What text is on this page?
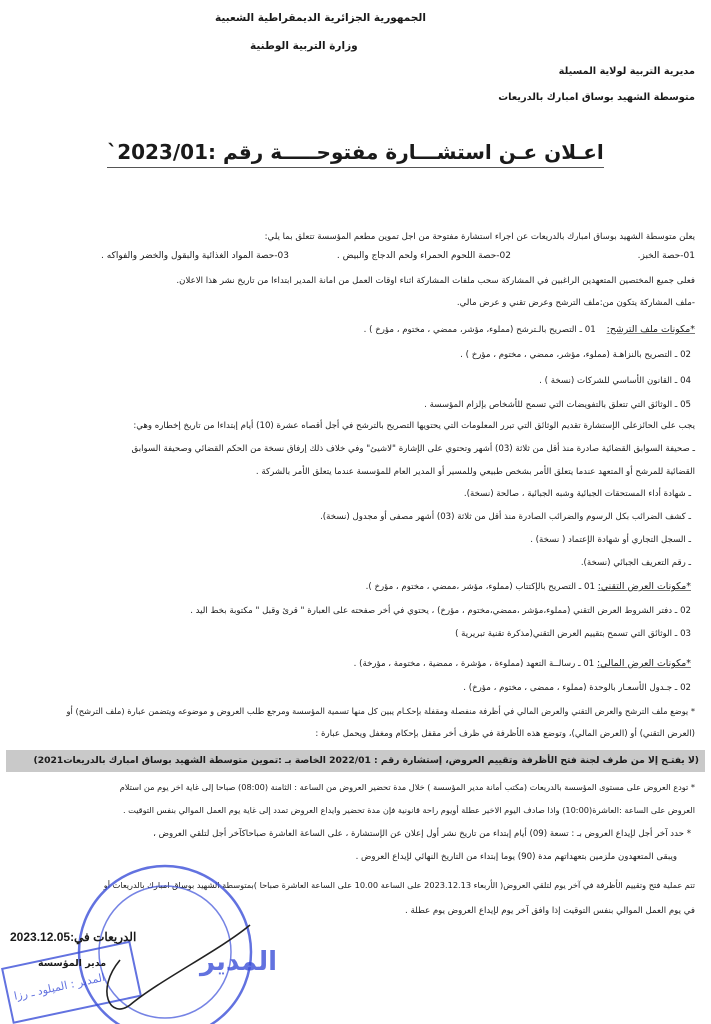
الجمهورية الجزائرية الديمقراطية الشعبية
وزارة التربية الوطنية
مديرية التربية لولاية المسيلة
متوسطة الشهيد بوساق امبارك بالدريعات
اعـلان عـن استشـــارة مفتوحـــــة رقم :2023/01`
يعلن متوسطة الشهيد بوساق امبارك بالدريعات عن اجراء استشارة مفتوحة من اجل تموين مطعم المؤسسة تتعلق بما يلي:
01-حصة الخبز.
02-حصة اللحوم الحمراء ولحم الدجاج والبيض .
03-حصة المواد الغذائية والبقول والخضر والفواكه .
فعلى جميع المختصين المتعهدين الراغبين في المشاركة سحب ملفات المشاركة اثناء اوقات العمل من امانة المدير ابتداءا من تاريخ نشر هذا الاعلان.
-ملف المشاركة يتكون من:ملف الترشح وعرض تقني و عرض مالي.
*مكونات ملف الترشح:    01 ـ التصريح بالـترشح (مملوء، مؤشر، ممضي ، مختوم ، مؤرخ ) .
02 ـ التصريح بالنزاهـة (مملوء، مؤشر، ممضي ، مختوم ، مؤرخ ) .
04 ـ القانون الأساسي للشركات (نسخة ) .
05 ـ الوثائق التي تتعلق بالتفويضات التي تسمح للأشخاص بإلزام المؤسسة .
يجب على الحائزعلى الإستشارة تقديم الوثائق التي تبرر المعلومات التي يحتويها التصريح بالترشح في أجل أقصاه عشرة (10) أيام إبتداءا من تاريخ إخطاره وهي:
ـ صحيفة السوابق القضائية صادرة منذ أقل من ثلاثة (03) أشهر وتحتوي على الإشارة "لاشيئ" وفي خلاف ذلك إرفاق نسخة من الحكم القضائي وصحيفة السوابق
القضائية للمرشح أو المتعهد عندما يتعلق الأمر بشخص طبيعي وللمسير أو المدير العام للمؤسسة عندما يتعلق الأمر بالشركة .
ـ شهادة أداء المستحقات الجبائية وشبه الجبائية ، صالحة (نسخة).
ـ كشف الضرائب بكل الرسوم والضرائب الصادرة منذ أقل من ثلاثة (03) أشهر مصفى أو مجدول (نسخة).
ـ السجل التجاري أو شهادة الإعتماد ( نسخة) .
ـ رقم التعريف الجبائي (نسخة).
*مكونات العرض التقني: 01 ـ التصريح بالإكتتاب (مملوء، مؤشر ،ممضي ، مختوم ، مؤرخ ).
02 ـ دفتر الشروط العرض التقني (مملوء،مؤشر ،ممضي،مختوم ، مؤرخ) ، يحتوي في أخر صفحته على العبارة " قرئ وقبل " مكتوبة بخط اليد .
03 ـ الوثائق التي تسمح بتقييم العرض التقني(مذكرة تقنية تبريرية )
*مكونات العرض المالي: 01 ـ رسالــة التعهد (مملوءة ، مؤشرة ، ممضية ، مختومة ، مؤرخة) .
02 ـ جـدول الأسعـار بالوحدة (مملوء ، ممضى ، مختوم ، مؤرخ) .
* يوضع ملف الترشح والعرض التقني والعرض المالي في أظرفة منفصلة ومقفلة بإحكـام يبين كل منها تسمية المؤسسة ومرجع طلب العروض و موضوعه ويتضمن عبارة (ملف الترشح) أو
(العرض التقني) أو (العرض المالي)، وتوضع هذه الأظرفة في ظرف أخر مقفل بإحكام ومغفل ويحمل عبارة :
(لا يفتـح إلا من طرف لجنة فتح الأظرفة وتقييم العروض، إستشارة رقم : 2022/01 الخاصة بـ :تموين متوسطة الشهيد بوساق امبارك بالدريعات2021)
* تودع العروض على مستوى المؤسسة بالدريعات (مكتب أمانة مدير المؤسسة ) خلال مدة تحضير العروض من الساعة : الثامنة (08:00) صباحا إلى غاية اخر يوم من استلام
العروض على الساعة :العاشرة(10:00) واذا صادف اليوم الاخير عطلة أويوم راحة قانونية فإن مدة تحضير وايداع العروض تمدد إلى غاية يوم العمل الموالي بنفس التوقيت .
* حدد آخر أجل لإيداع العروض بـ : تسعة (09) أيام إبتداء من تاريخ نشر أول إعلان عن الإستشارة ، على الساعة العاشرة صباحاكآخر أجل لتلقي العروض ،
ويبقى المتعهدون ملزمين بتعهداتهم مدة (90) يوما إبتداء من التاريخ النهائي لإيداع العروض .
تتم عملية فتح وتقييم الأظرفة في آخر يوم لتلقي العروض( الأربعاء 2023.12.13 على الساعة 10.00 على الساعة العاشرة صباحا )بمتوسطة الشهيد بوساق امبارك بالدريعات أو
في يوم العمل الموالي بنفس التوقيت إذا وافق آخر يوم لإيداع العروض يوم عطلة .
المدير
المدير : الميلود ـ رزا
الدريعات في:2023.12.05
مدير المؤسسة
